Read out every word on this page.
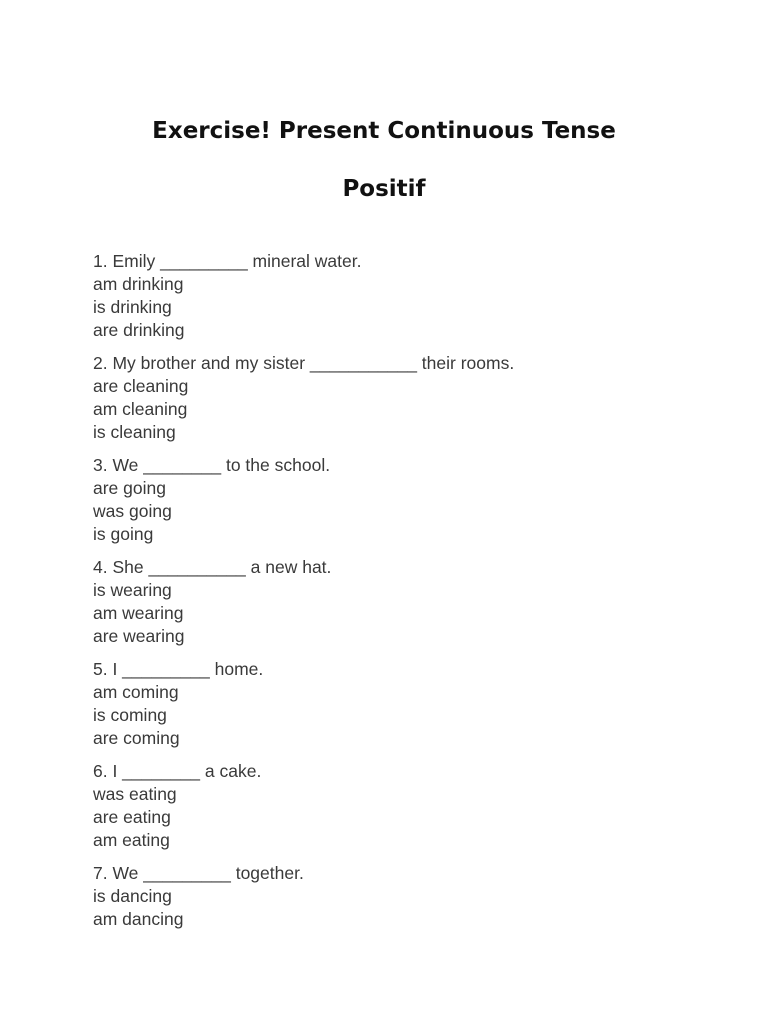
Exercise! Present Continuous Tense
Positif
1. Emily _________ mineral water.
am drinking
is drinking
are drinking
2. My brother and my sister ___________ their rooms.
are cleaning
am cleaning
is cleaning
3. We ________ to the school.
are going
was going
is going
4. She __________ a new hat.
is wearing
am wearing
are wearing
5. I _________ home.
am coming
is coming
are coming
6. I ________ a cake.
was eating
are eating
am eating
7. We _________ together.
is dancing
am dancing
